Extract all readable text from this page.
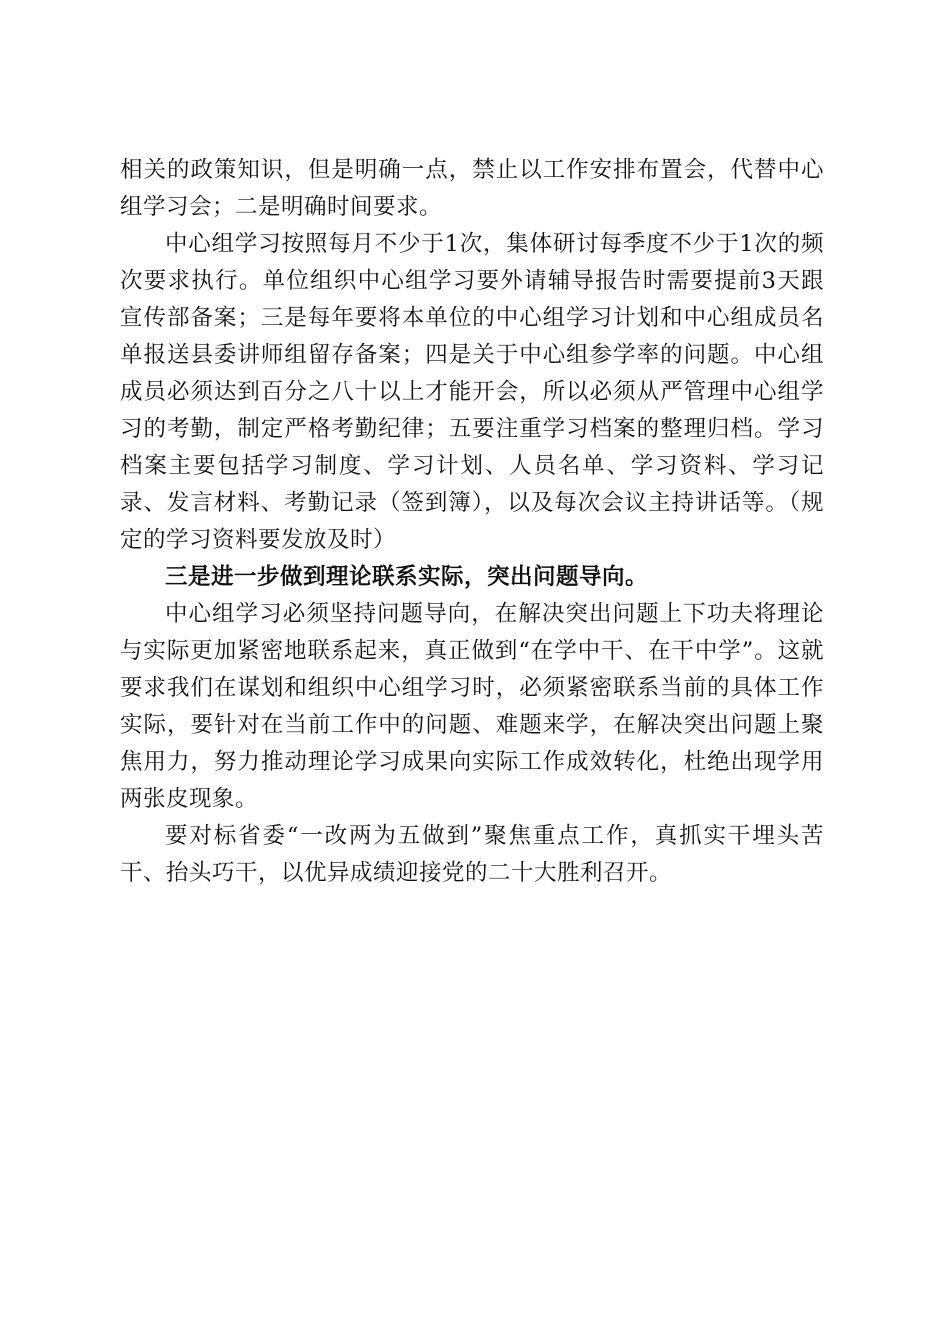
相关的政策知识，但是明确一点，禁止以工作安排布置会，代替中心组学习会；二是明确时间要求。

中心组学习按照每月不少于1次，集体研讨每季度不少于1次的频次要求执行。单位组织中心组学习要外请辅导报告时需要提前3天跟宣传部备案；三是每年要将本单位的中心组学习计划和中心组成员名单报送县委讲师组留存备案；四是关于中心组参学率的问题。中心组成员必须达到百分之八十以上才能开会，所以必须从严管理中心组学习的考勤，制定严格考勤纪律；五要注重学习档案的整理归档。学习档案主要包括学习制度、学习计划、人员名单、学习资料、学习记录、发言材料、考勤记录（签到簿），以及每次会议主持讲话等。（规定的学习资料要发放及时）

三是进一步做到理论联系实际，突出问题导向。

中心组学习必须坚持问题导向，在解决突出问题上下功夫将理论与实际更加紧密地联系起来，真正做到“在学中干、在干中学”。这就要求我们在谋划和组织中心组学习时，必须紧密联系当前的具体工作实际，要针对在当前工作中的问题、难题来学，在解决突出问题上聚焦用力，努力推动理论学习成果向实际工作成效转化，杜绝出现学用两张皮现象。

要对标省委“一改两为五做到”聚焦重点工作，真抓实干埋头苦干、抬头巧干，以优异成绩迎接党的二十大胜利召开。
